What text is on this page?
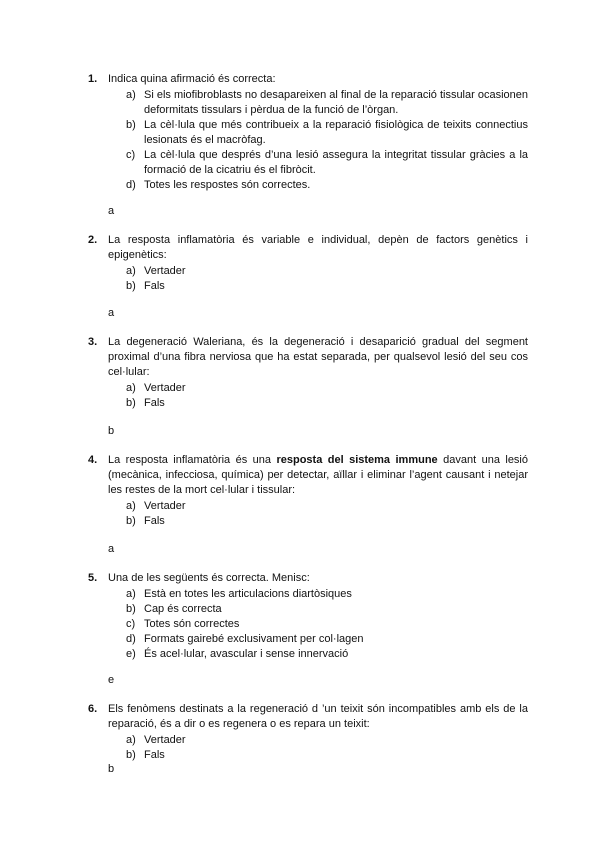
1. Indica quina afirmació és correcta:
a) Si els miofibroblasts no desapareixen al final de la reparació tissular ocasionen deformitats tissulars i pèrdua de la funció de l’òrgan.
b) La cèl·lula que més contribueix a la reparació fisiològica de teixits connectius lesionats és el macròfag.
c) La cèl·lula que després d’una lesió assegura la integritat tissular gràcies a la formació de la cicatriu és el fibròcit.
d) Totes les respostes són correctes.
a
2. La resposta inflamatòria és variable e individual, depèn de factors genètics i epigenètics:
a) Vertader
b) Fals
a
3. La degeneració Waleriana, és la degeneració i desaparició gradual del segment proximal d’una fibra nerviosa que ha estat separada, per qualsevol lesió del seu cos cel·lular:
a) Vertader
b) Fals
b
4. La resposta inflamatòria és una resposta del sistema immune davant una lesió (mecànica, infecciosa, química) per detectar, aïllar i eliminar l’agent causant i netejar les restes de la mort cel·lular i tissular:
a) Vertader
b) Fals
a
5. Una de les següents és correcta. Menisc:
a) Està en totes les articulacions diartòsiques
b) Cap és correcta
c) Totes són correctes
d) Formats gairebé exclusivament per col·lagen
e) És acel·lular, avascular i sense innervació
e
6. Els fenòmens destinats a la regeneració d ’un teixit són incompatibles amb els de la reparació, és a dir o es regenera o es repara un teixit:
a) Vertader
b) Fals
b
